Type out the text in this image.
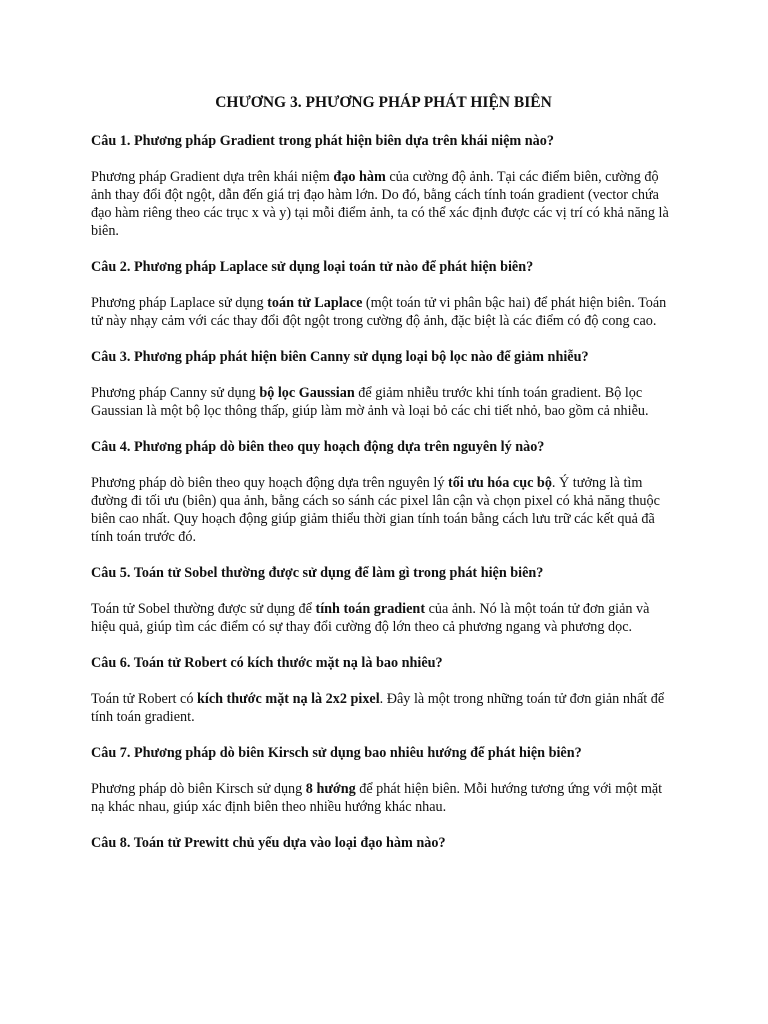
CHƯƠNG 3. PHƯƠNG PHÁP PHÁT HIỆN BIÊN

Câu 1. Phương pháp Gradient trong phát hiện biên dựa trên khái niệm nào?

Phương pháp Gradient dựa trên khái niệm đạo hàm của cường độ ảnh. Tại các điểm biên, cường độ ảnh thay đổi đột ngột, dẫn đến giá trị đạo hàm lớn. Do đó, bằng cách tính toán gradient (vector chứa đạo hàm riêng theo các trục x và y) tại mỗi điểm ảnh, ta có thể xác định được các vị trí có khả năng là biên.

Câu 2. Phương pháp Laplace sử dụng loại toán tử nào để phát hiện biên?

Phương pháp Laplace sử dụng toán tử Laplace (một toán tử vi phân bậc hai) để phát hiện biên. Toán tử này nhạy cảm với các thay đổi đột ngột trong cường độ ảnh, đặc biệt là các điểm có độ cong cao.

Câu 3. Phương pháp phát hiện biên Canny sử dụng loại bộ lọc nào để giảm nhiễu?

Phương pháp Canny sử dụng bộ lọc Gaussian để giảm nhiễu trước khi tính toán gradient. Bộ lọc Gaussian là một bộ lọc thông thấp, giúp làm mờ ảnh và loại bỏ các chi tiết nhỏ, bao gồm cả nhiễu.

Câu 4. Phương pháp dò biên theo quy hoạch động dựa trên nguyên lý nào?

Phương pháp dò biên theo quy hoạch động dựa trên nguyên lý tối ưu hóa cục bộ. Ý tưởng là tìm đường đi tối ưu (biên) qua ảnh, bằng cách so sánh các pixel lân cận và chọn pixel có khả năng thuộc biên cao nhất. Quy hoạch động giúp giảm thiểu thời gian tính toán bằng cách lưu trữ các kết quả đã tính toán trước đó.

Câu 5. Toán tử Sobel thường được sử dụng để làm gì trong phát hiện biên?

Toán tử Sobel thường được sử dụng để tính toán gradient của ảnh. Nó là một toán tử đơn giản và hiệu quả, giúp tìm các điểm có sự thay đổi cường độ lớn theo cả phương ngang và phương dọc.

Câu 6. Toán tử Robert có kích thước mặt nạ là bao nhiêu?

Toán tử Robert có kích thước mặt nạ là 2x2 pixel. Đây là một trong những toán tử đơn giản nhất để tính toán gradient.

Câu 7. Phương pháp dò biên Kirsch sử dụng bao nhiêu hướng để phát hiện biên?

Phương pháp dò biên Kirsch sử dụng 8 hướng để phát hiện biên. Mỗi hướng tương ứng với một mặt nạ khác nhau, giúp xác định biên theo nhiều hướng khác nhau.

Câu 8. Toán tử Prewitt chủ yếu dựa vào loại đạo hàm nào?
